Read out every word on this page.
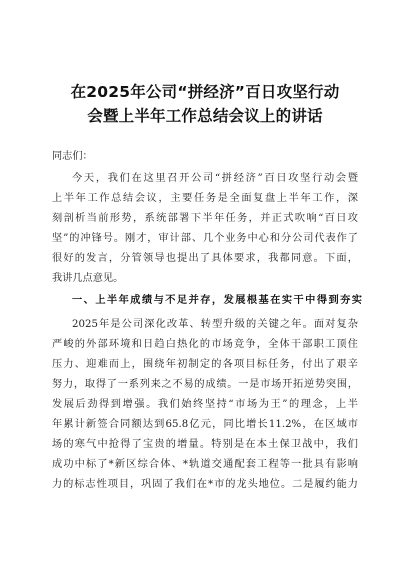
在2025年公司“拼经济”百日攻坚行动
会暨上半年工作总结会议上的讲话
同志们：
今天，我们在这里召开公司“拼经济”百日攻坚行动会暨
上半年工作总结会议，主要任务是全面复盘上半年工作，深
刻剖析当前形势，系统部署下半年任务，并正式吹响“百日攻
坚”的冲锋号。刚才，审计部、几个业务中心和分公司代表作了
很好的发言，分管领导也提出了具体要求，我都同意。下面，
我讲几点意见。
一、上半年成绩与不足并存，发展根基在实干中得到夯实
2025年是公司深化改革、转型升级的关键之年。面对复杂
严峻的外部环境和日趋白热化的市场竞争，全体干部职工顶住
压力、迎难而上，围绕年初制定的各项目标任务，付出了艰辛
努力，取得了一系列来之不易的成绩。一是市场开拓逆势突围，
发展后劲得到增强。我们始终坚持“市场为王”的理念，上半
年累计新签合同额达到65.8亿元，同比增长11.2%，在区域市
场的寒气中抢得了宝贵的增量。特别是在本土保卫战中，我们
成功中标了*新区综合体、*轨道交通配套工程等一批具有影响
力的标志性项目，巩固了我们在*市的龙头地位。二是履约能力
